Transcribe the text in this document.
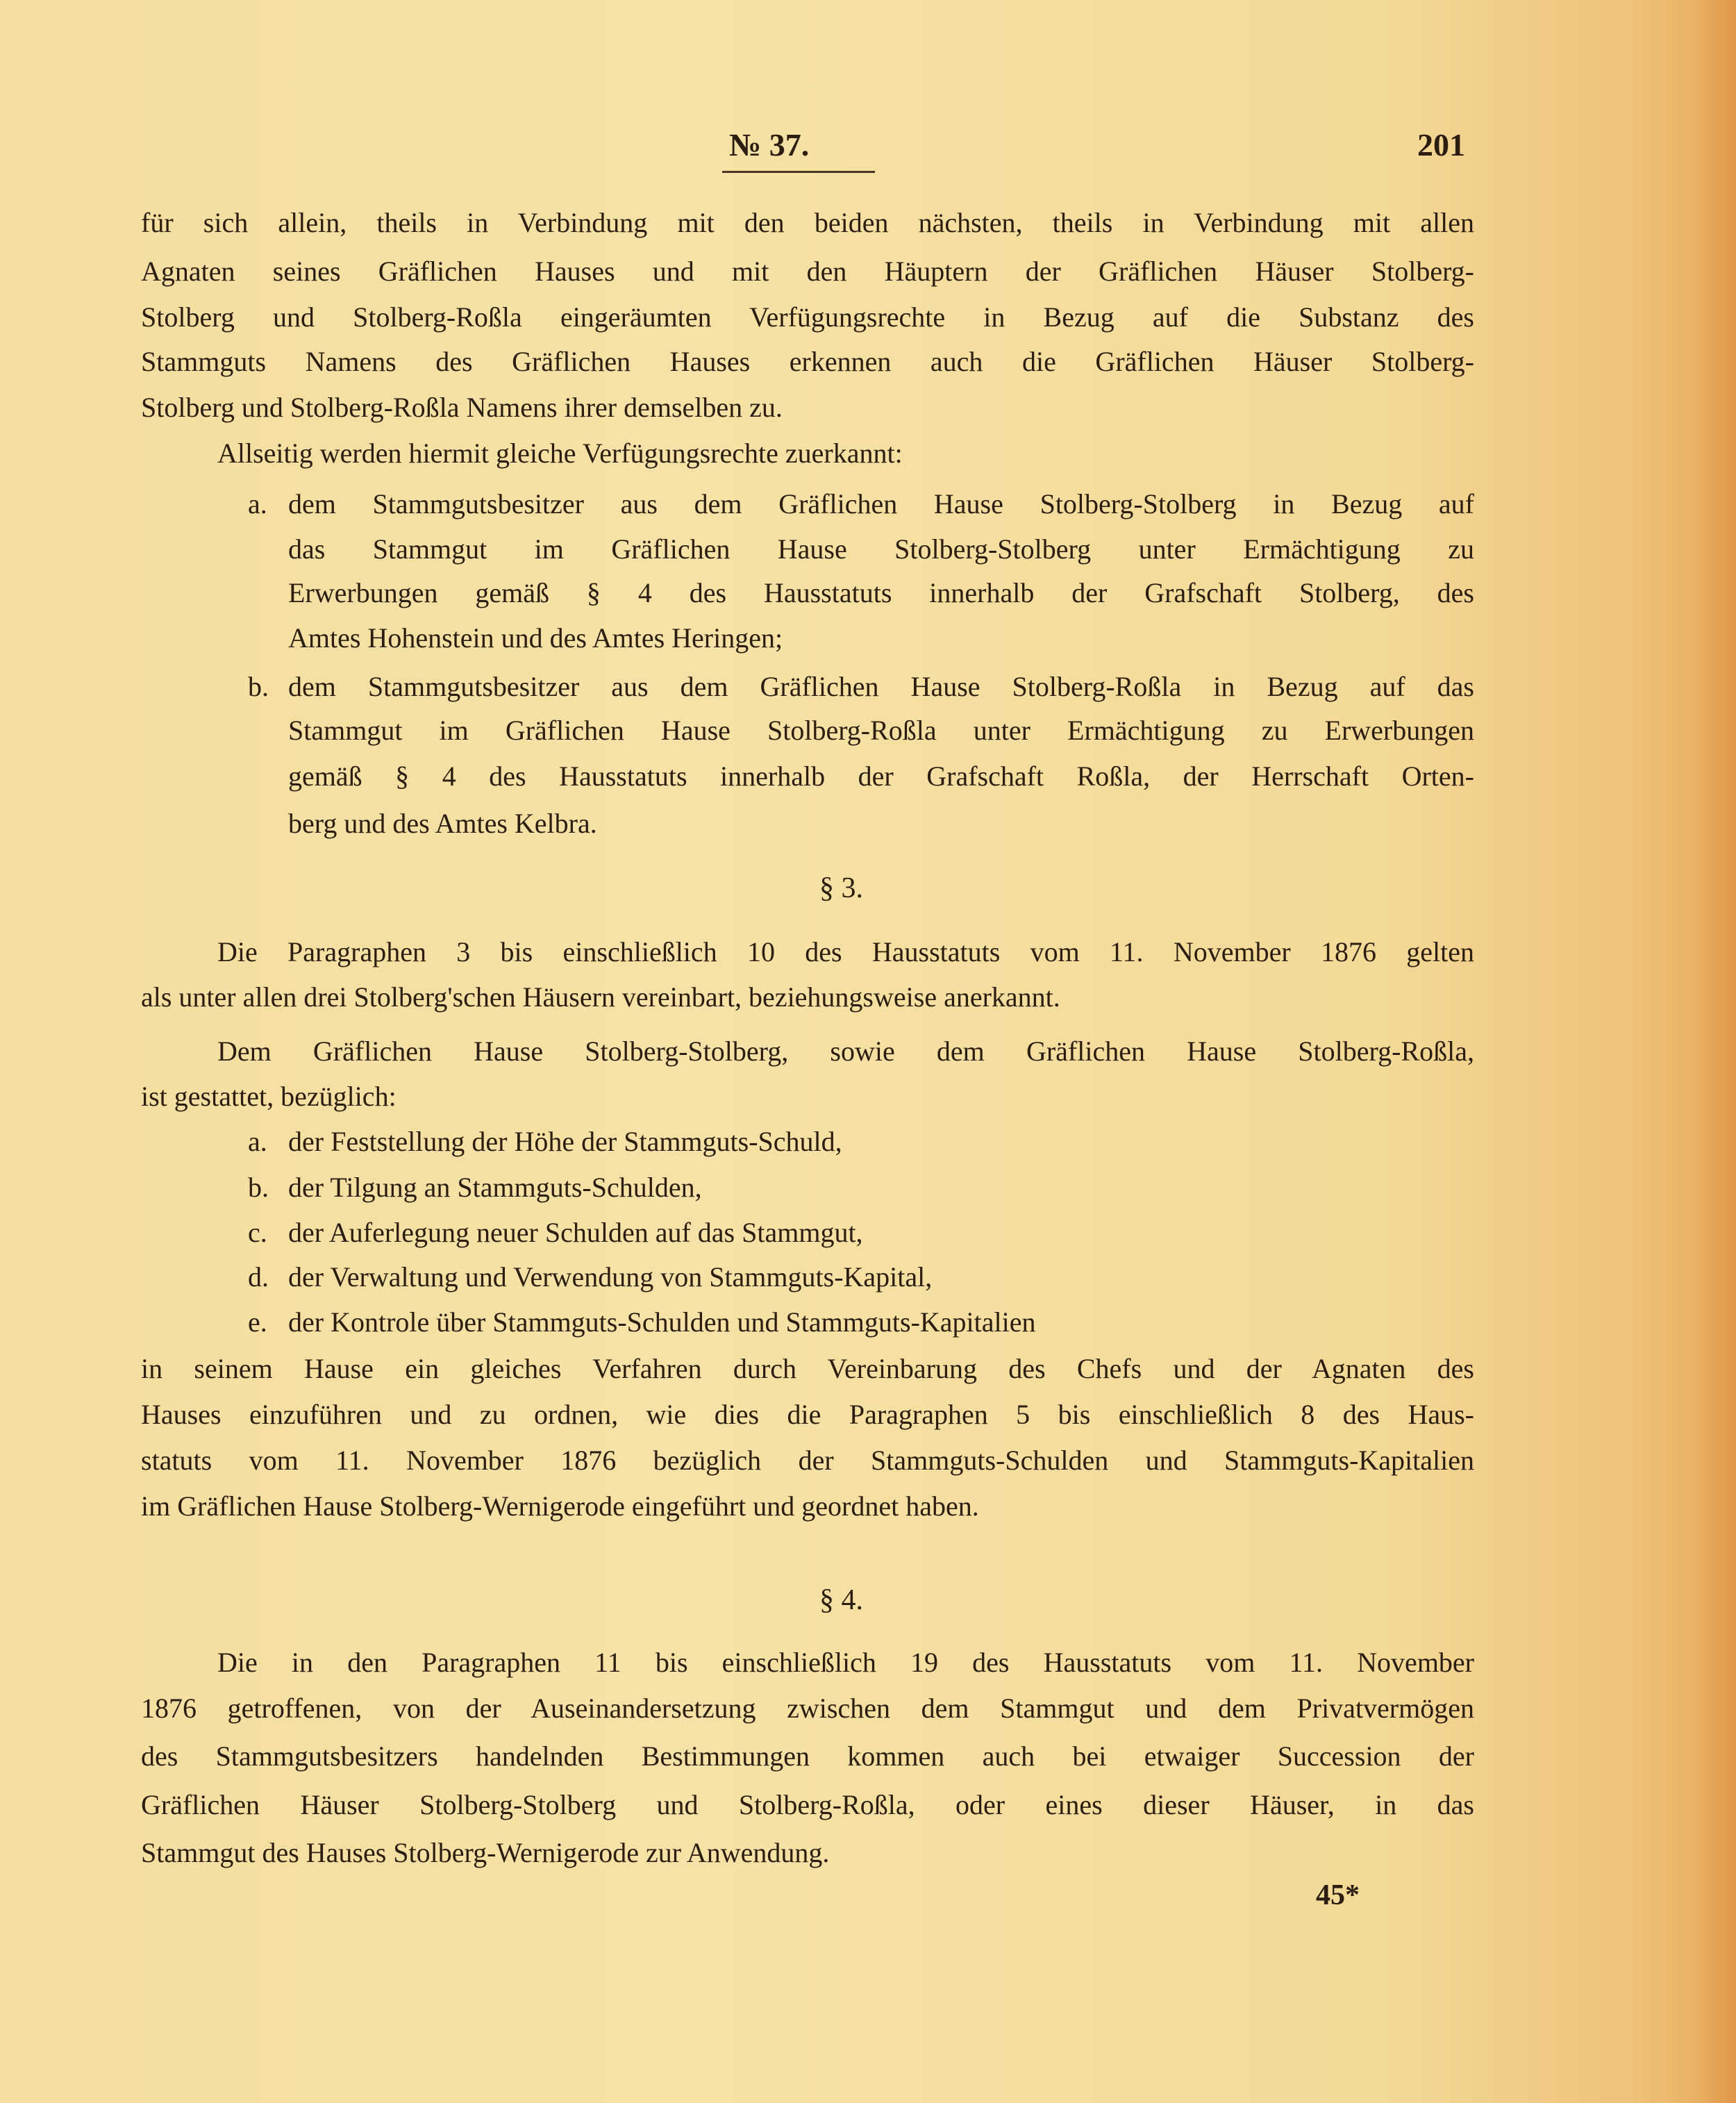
№ 37.	201
für sich allein, theils in Verbindung mit den beiden nächsten, theils in Verbindung mit allen
Agnaten seines Gräflichen Hauses und mit den Häuptern der Gräflichen Häuser Stolberg-
Stolberg und Stolberg-Roßla eingeräumten Verfügungsrechte in Bezug auf die Substanz des
Stammguts Namens des Gräflichen Hauses erkennen auch die Gräflichen Häuser Stolberg-
Stolberg und Stolberg-Roßla Namens ihrer demselben zu.
Allseitig werden hiermit gleiche Verfügungsrechte zuerkannt:
a. dem Stammgutsbesitzer aus dem Gräflichen Hause Stolberg-Stolberg in Bezug auf
das Stammgut im Gräflichen Hause Stolberg-Stolberg unter Ermächtigung zu
Erwerbungen gemäß § 4 des Hausstatuts innerhalb der Grafschaft Stolberg, des
Amtes Hohenstein und des Amtes Heringen;
b. dem Stammgutsbesitzer aus dem Gräflichen Hause Stolberg-Roßla in Bezug auf das
Stammgut im Gräflichen Hause Stolberg-Roßla unter Ermächtigung zu Erwerbungen
gemäß § 4 des Hausstatuts innerhalb der Grafschaft Roßla, der Herrschaft Orten-
berg und des Amtes Kelbra.
§ 3.
Die Paragraphen 3 bis einschließlich 10 des Hausstatuts vom 11. November 1876 gelten
als unter allen drei Stolberg'schen Häusern vereinbart, beziehungsweise anerkannt.
Dem Gräflichen Hause Stolberg-Stolberg, sowie dem Gräflichen Hause Stolberg-Roßla,
ist gestattet, bezüglich:
a. der Feststellung der Höhe der Stammguts-Schuld,
b. der Tilgung an Stammguts-Schulden,
c. der Auferlegung neuer Schulden auf das Stammgut,
d. der Verwaltung und Verwendung von Stammguts-Kapital,
e. der Kontrole über Stammguts-Schulden und Stammguts-Kapitalien
in seinem Hause ein gleiches Verfahren durch Vereinbarung des Chefs und der Agnaten des
Hauses einzuführen und zu ordnen, wie dies die Paragraphen 5 bis einschließlich 8 des Haus-
statuts vom 11. November 1876 bezüglich der Stammguts-Schulden und Stammguts-Kapitalien
im Gräflichen Hause Stolberg-Wernigerode eingeführt und geordnet haben.
§ 4.
Die in den Paragraphen 11 bis einschließlich 19 des Hausstatuts vom 11. November
1876 getroffenen, von der Auseinandersetzung zwischen dem Stammgut und dem Privatvermögen
des Stammgutsbesitzers handelnden Bestimmungen kommen auch bei etwaiger Succession der
Gräflichen Häuser Stolberg-Stolberg und Stolberg-Roßla, oder eines dieser Häuser, in das
Stammgut des Hauses Stolberg-Wernigerode zur Anwendung.
45*
